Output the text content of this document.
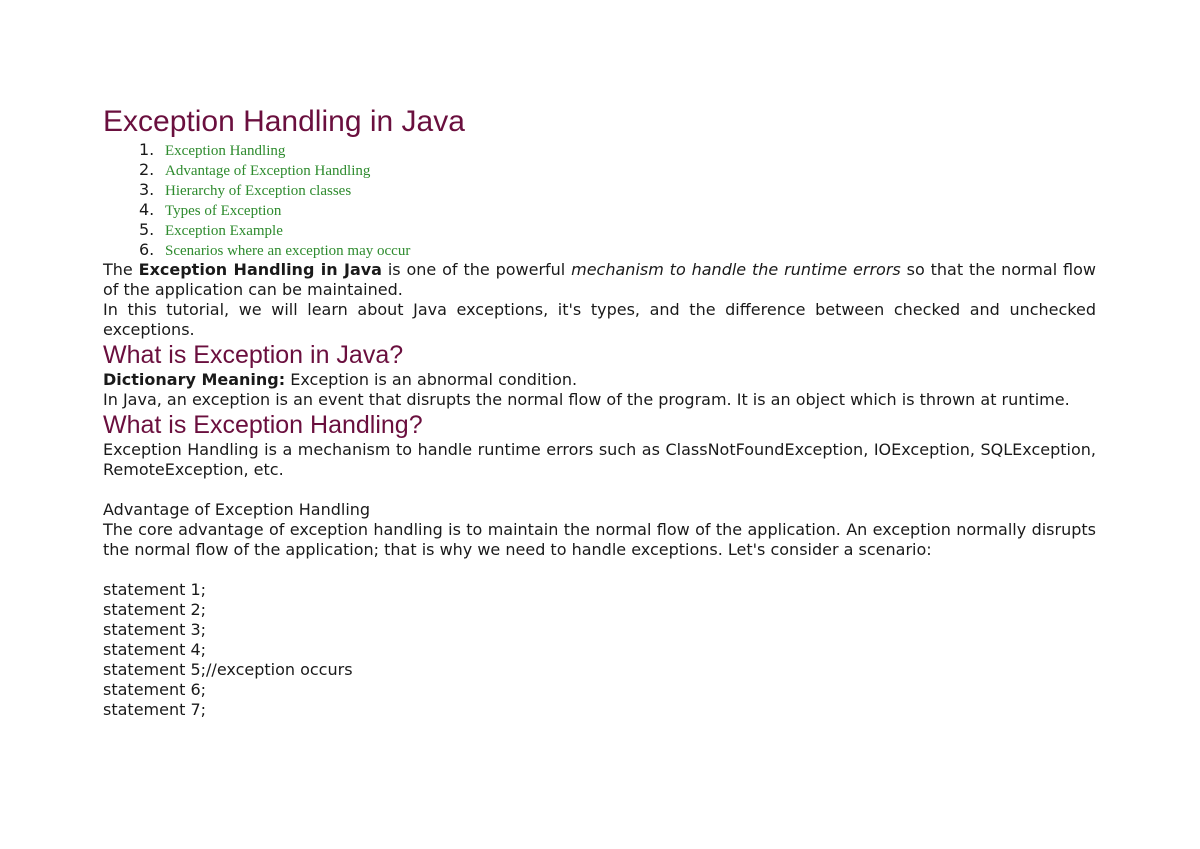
Exception Handling in Java
1. Exception Handling
2. Advantage of Exception Handling
3. Hierarchy of Exception classes
4. Types of Exception
5. Exception Example
6. Scenarios where an exception may occur

The Exception Handling in Java is one of the powerful mechanism to handle the runtime errors so that the normal flow of the application can be maintained.

In this tutorial, we will learn about Java exceptions, it's types, and the difference between checked and unchecked exceptions.

What is Exception in Java?

Dictionary Meaning: Exception is an abnormal condition.

In Java, an exception is an event that disrupts the normal flow of the program. It is an object which is thrown at runtime.

What is Exception Handling?

Exception Handling is a mechanism to handle runtime errors such as ClassNotFoundException, IOException, SQLException, RemoteException, etc.

Advantage of Exception Handling

The core advantage of exception handling is to maintain the normal flow of the application. An exception normally disrupts the normal flow of the application; that is why we need to handle exceptions. Let's consider a scenario:

statement 1;

statement 2;

statement 3;

statement 4;

statement 5;//exception occurs

statement 6;

statement 7;
